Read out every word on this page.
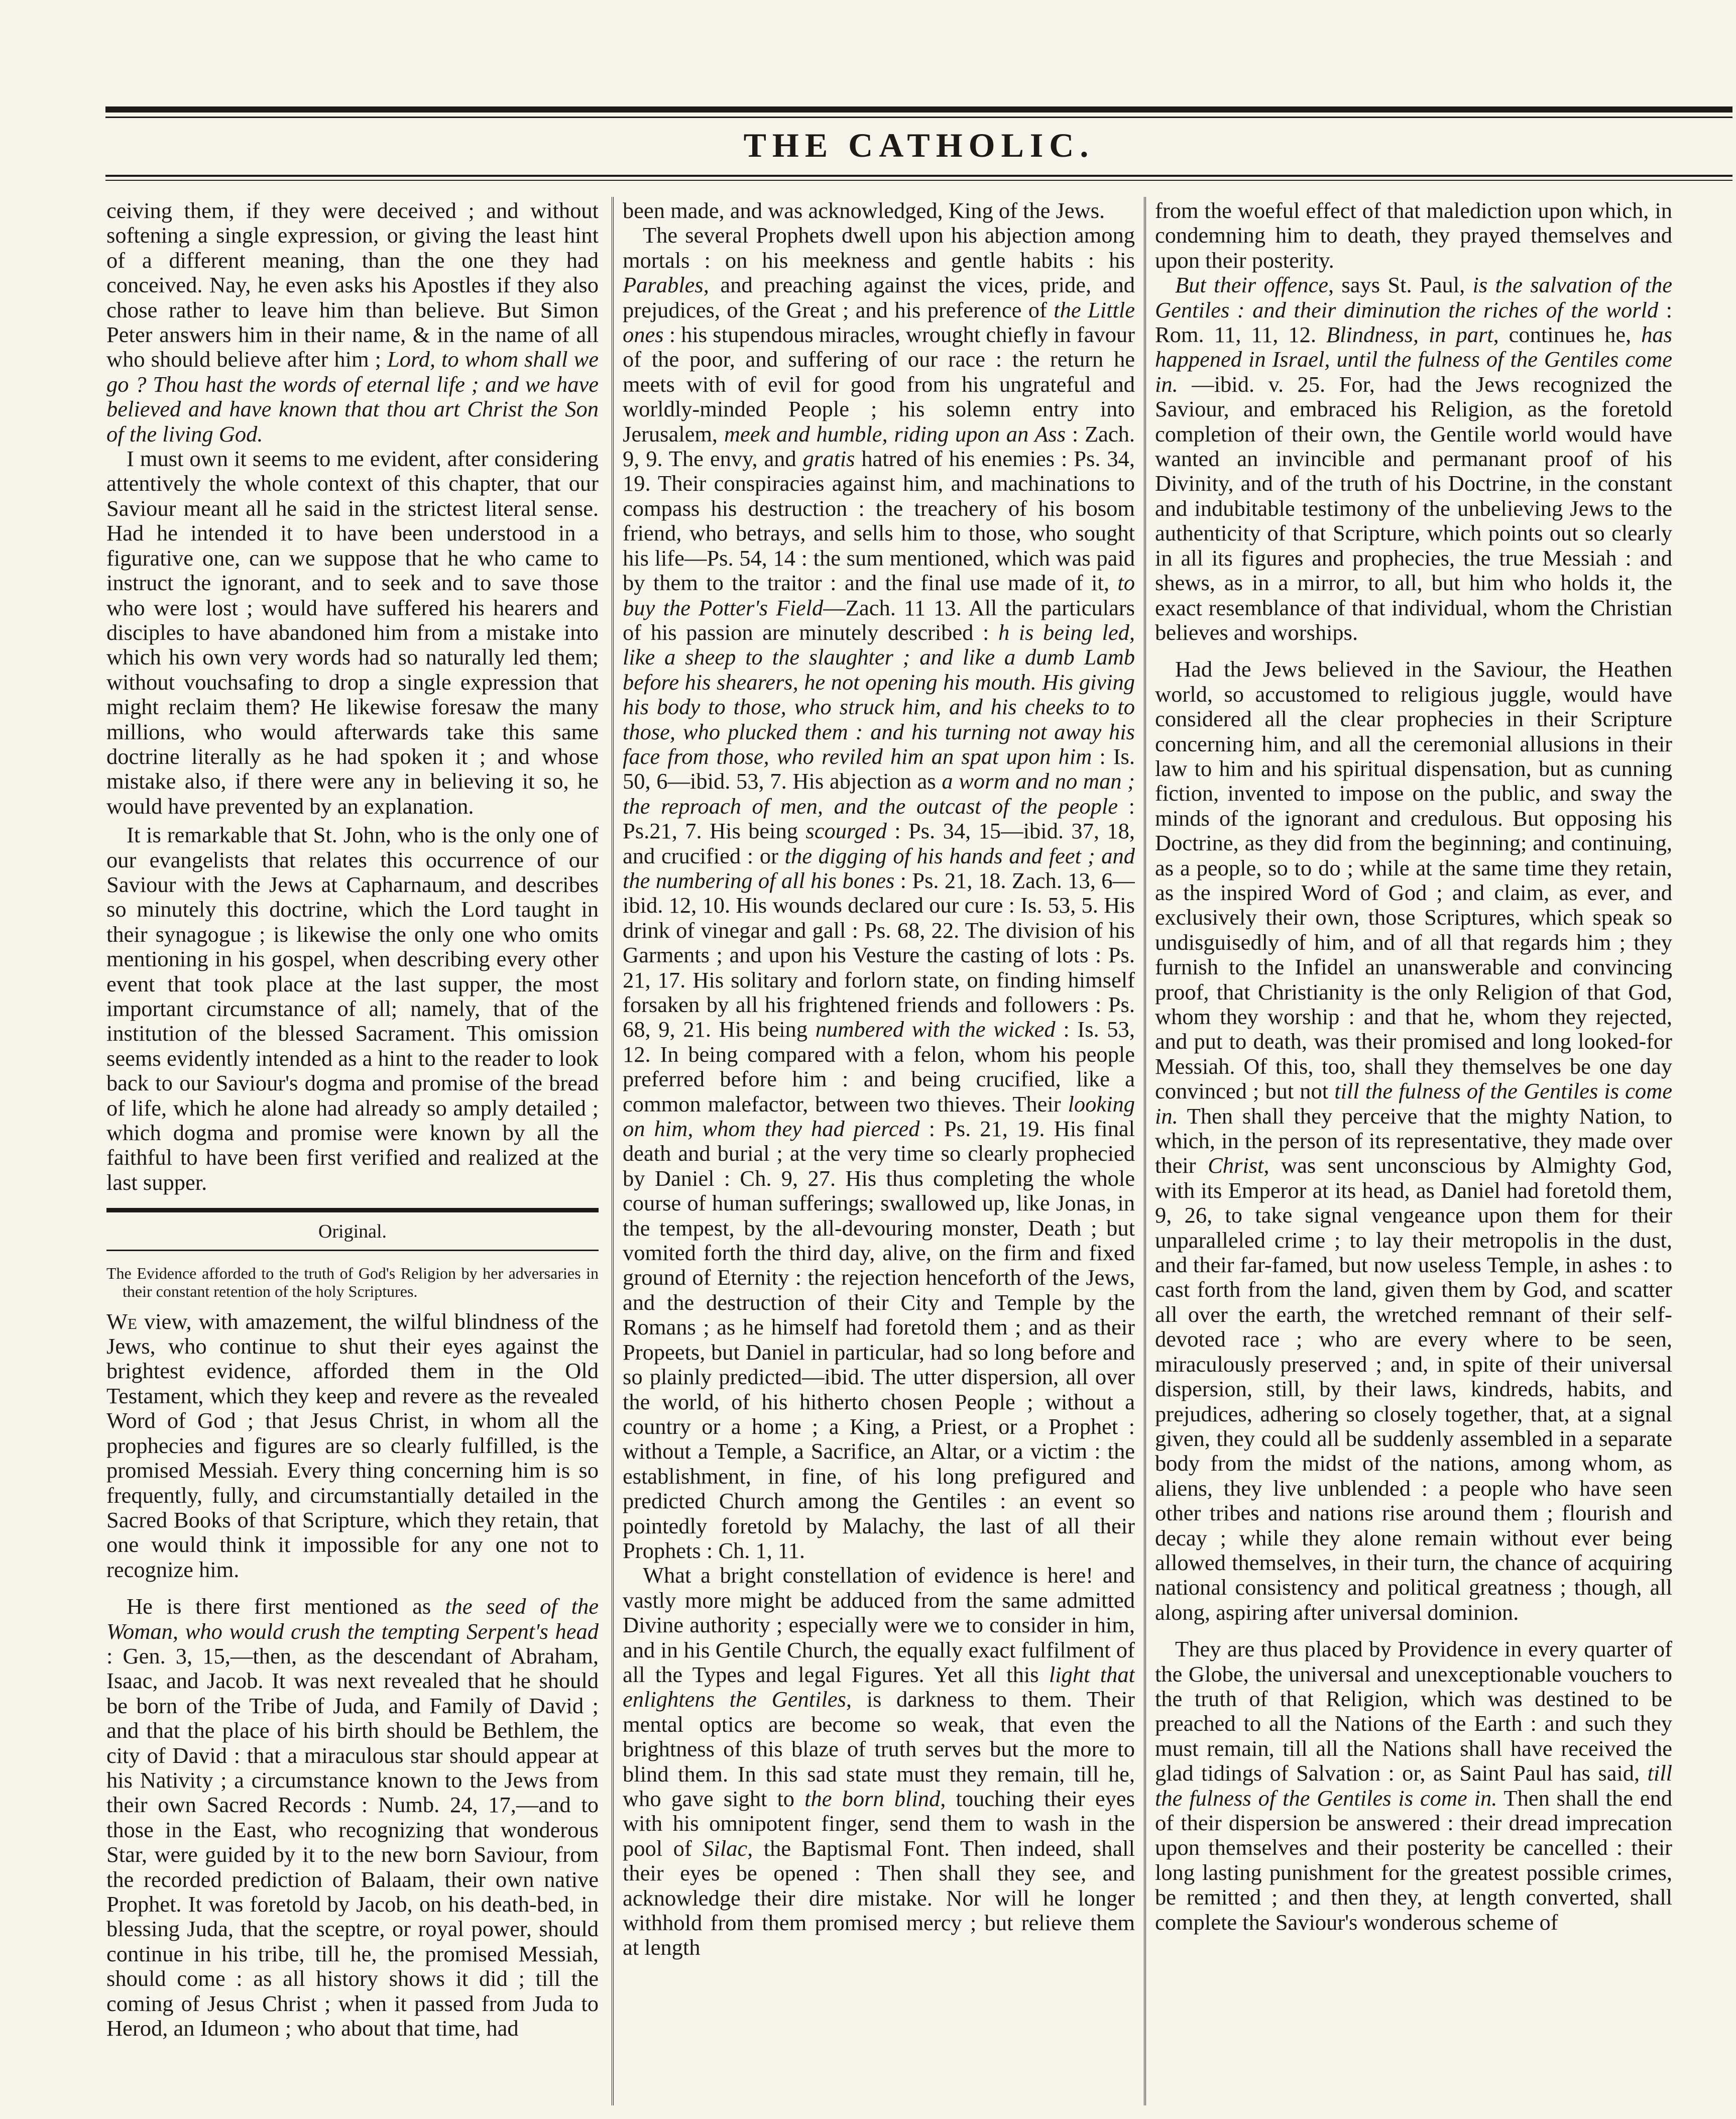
THE CATHOLIC.

ceiving them, if they were deceived ; and without softening a single expression, or giving the least hint of a different meaning, than the one they had conceived. Nay, he even asks his Apostles if they also chose rather to leave him than believe. But Simon Peter answers him in their name, & in the name of all who should believe after him ; Lord, to whom shall we go ? Thou hast the words of eternal life ; and we have believed and have known that thou art Christ the Son of the living God.

I must own it seems to me evident, after considering attentively the whole context of this chapter, that our Saviour meant all he said in the strictest literal sense. Had he intended it to have been understood in a figurative one, can we suppose that he who came to instruct the ignorant, and to seek and to save those who were lost ; would have suffered his hearers and disciples to have abandoned him from a mistake into which his own very words had so naturally led them; without vouchsafing to drop a single expression that might reclaim them? He likewise foresaw the many millions, who would afterwards take this same doctrine literally as he had spoken it ; and whose mistake also, if there were any in believing it so, he would have prevented by an explanation.

It is remarkable that St. John, who is the only one of our evangelists that relates this occurrence of our Saviour with the Jews at Capharnaum, and describes so minutely this doctrine, which the Lord taught in their synagogue ; is likewise the only one who omits mentioning in his gospel, when describing every other event that took place at the last supper, the most important circumstance of all; namely, that of the institution of the blessed Sacrament. This omission seems evidently intended as a hint to the reader to look back to our Saviour's dogma and promise of the bread of life, which he alone had already so amply detailed ; which dogma and promise were known by all the faithful to have been first verified and realized at the last supper.

Original.
The Evidence afforded to the truth of God's Religion by her adversaries in their constant retention of the holy Scriptures.

We view, with amazement, the wilful blindness of the Jews, who continue to shut their eyes against the brightest evidence, afforded them in the Old Testament, which they keep and revere as the revealed Word of God ; that Jesus Christ, in whom all the prophecies and figures are so clearly fulfilled, is the promised Messiah. Every thing concerning him is so frequently, fully, and circumstantially detailed in the Sacred Books of that Scripture, which they retain, that one would think it impossible for any one not to recognize him.

He is there first mentioned as the seed of the Woman, who would crush the tempting Serpent's head : Gen. 3, 15,—then, as the descendant of Abraham, Isaac, and Jacob. It was next revealed that he should be born of the Tribe of Juda, and Family of David ; and that the place of his birth should be Bethlem, the city of David : that a miraculous star should appear at his Nativity ; a circumstance known to the Jews from their own Sacred Records : Numb. 24, 17,—and to those in the East, who recognizing that wonderous Star, were guided by it to the new born Saviour, from the recorded prediction of Balaam, their own native Prophet. It was foretold by Jacob, on his death-bed, in blessing Juda, that the sceptre, or royal power, should continue in his tribe, till he, the promised Messiah, should come : as all history shows it did ; till the coming of Jesus Christ ; when it passed from Juda to Herod, an Idumeon ; who about that time, had

been made, and was acknowledged, King of the Jews.

The several Prophets dwell upon his abjection among mortals : on his meekness and gentle habits : his Parables, and preaching against the vices, pride, and prejudices, of the Great ; and his preference of the Little ones : his stupendous miracles, wrought chiefly in favour of the poor, and suffering of our race : the return he meets with of evil for good from his ungrateful and worldly-minded People ; his solemn entry into Jerusalem, meek and humble, riding upon an Ass : Zach. 9, 9. The envy, and gratis hatred of his enemies : Ps. 34, 19. Their conspiracies against him, and machinations to compass his destruction : the treachery of his bosom friend, who betrays, and sells him to those, who sought his life—Ps. 54, 14 : the sum mentioned, which was paid by them to the traitor : and the final use made of it, to buy the Potter's Field—Zach. 11 13. All the particulars of his passion are minutely described : h is being led, like a sheep to the slaughter ; and like a dumb Lamb before his shearers, he not opening his mouth. His giving his body to those, who struck him, and his cheeks to to those, who plucked them : and his turning not away his face from those, who reviled him an spat upon him : Is. 50, 6—ibid. 53, 7. His abjection as a worm and no man ; the reproach of men, and the outcast of the people : Ps.21, 7. His being scourged : Ps. 34, 15—ibid. 37, 18, and crucified : or the digging of his hands and feet ; and the numbering of all his bones : Ps. 21, 18. Zach. 13, 6—ibid. 12, 10. His wounds declared our cure : Is. 53, 5. His drink of vinegar and gall : Ps. 68, 22. The division of his Garments ; and upon his Vesture the casting of lots : Ps. 21, 17. His solitary and forlorn state, on finding himself forsaken by all his frightened friends and followers : Ps. 68, 9, 21. His being numbered with the wicked : Is. 53, 12. In being compared with a felon, whom his people preferred before him : and being crucified, like a common malefactor, between two thieves. Their looking on him, whom they had pierced : Ps. 21, 19. His final death and burial ; at the very time so clearly prophecied by Daniel : Ch. 9, 27. His thus completing the whole course of human sufferings; swallowed up, like Jonas, in the tempest, by the all-devouring monster, Death ; but vomited forth the third day, alive, on the firm and fixed ground of Eternity : the rejection henceforth of the Jews, and the destruction of their City and Temple by the Romans ; as he himself had foretold them ; and as their Propeets, but Daniel in particular, had so long before and so plainly predicted—ibid. The utter dispersion, all over the world, of his hitherto chosen People ; without a country or a home ; a King, a Priest, or a Prophet : without a Temple, a Sacrifice, an Altar, or a victim : the establishment, in fine, of his long prefigured and predicted Church among the Gentiles : an event so pointedly foretold by Malachy, the last of all their Prophets : Ch. 1, 11.

What a bright constellation of evidence is here! and vastly more might be adduced from the same admitted Divine authority ; especially were we to consider in him, and in his Gentile Church, the equally exact fulfilment of all the Types and legal Figures. Yet all this light that enlightens the Gentiles, is darkness to them. Their mental optics are become so weak, that even the brightness of this blaze of truth serves but the more to blind them. In this sad state must they remain, till he, who gave sight to the born blind, touching their eyes with his omnipotent finger, send them to wash in the pool of Silac, the Baptismal Font. Then indeed, shall their eyes be opened : Then shall they see, and acknowledge their dire mistake. Nor will he longer withhold from them promised mercy ; but relieve them at length

from the woeful effect of that malediction upon which, in condemning him to death, they prayed themselves and upon their posterity.

But their offence, says St. Paul, is the salvation of the Gentiles : and their diminution the riches of the world : Rom. 11, 11, 12. Blindness, in part, continues he, has happened in Israel, until the fulness of the Gentiles come in. —ibid. v. 25. For, had the Jews recognized the Saviour, and embraced his Religion, as the foretold completion of their own, the Gentile world would have wanted an invincible and permanant proof of his Divinity, and of the truth of his Doctrine, in the constant and indubitable testimony of the unbelieving Jews to the authenticity of that Scripture, which points out so clearly in all its figures and prophecies, the true Messiah : and shews, as in a mirror, to all, but him who holds it, the exact resemblance of that individual, whom the Christian believes and worships.

Had the Jews believed in the Saviour, the Heathen world, so accustomed to religious juggle, would have considered all the clear prophecies in their Scripture concerning him, and all the ceremonial allusions in their law to him and his spiritual dispensation, but as cunning fiction, invented to impose on the public, and sway the minds of the ignorant and credulous. But opposing his Doctrine, as they did from the beginning; and continuing, as a people, so to do ; while at the same time they retain, as the inspired Word of God ; and claim, as ever, and exclusively their own, those Scriptures, which speak so undisguisedly of him, and of all that regards him ; they furnish to the Infidel an unanswerable and convincing proof, that Christianity is the only Religion of that God, whom they worship : and that he, whom they rejected, and put to death, was their promised and long looked-for Messiah. Of this, too, shall they themselves be one day convinced ; but not till the fulness of the Gentiles is come in. Then shall they perceive that the mighty Nation, to which, in the person of its representative, they made over their Christ, was sent unconscious by Almighty God, with its Emperor at its head, as Daniel had foretold them, 9, 26, to take signal vengeance upon them for their unparalleled crime ; to lay their metropolis in the dust, and their far-famed, but now useless Temple, in ashes : to cast forth from the land, given them by God, and scatter all over the earth, the wretched remnant of their self-devoted race ; who are every where to be seen, miraculously preserved ; and, in spite of their universal dispersion, still, by their laws, kindreds, habits, and prejudices, adhering so closely together, that, at a signal given, they could all be suddenly assembled in a separate body from the midst of the nations, among whom, as aliens, they live unblended : a people who have seen other tribes and nations rise around them ; flourish and decay ; while they alone remain without ever being allowed themselves, in their turn, the chance of acquiring national consistency and political greatness ; though, all along, aspiring after universal dominion.

They are thus placed by Providence in every quarter of the Globe, the universal and unexceptionable vouchers to the truth of that Religion, which was destined to be preached to all the Nations of the Earth : and such they must remain, till all the Nations shall have received the glad tidings of Salvation : or, as Saint Paul has said, till the fulness of the Gentiles is come in. Then shall the end of their dispersion be answered : their dread imprecation upon themselves and their posterity be cancelled : their long lasting punishment for the greatest possible crimes, be remitted ; and then they, at length converted, shall complete the Saviour's wonderous scheme of
